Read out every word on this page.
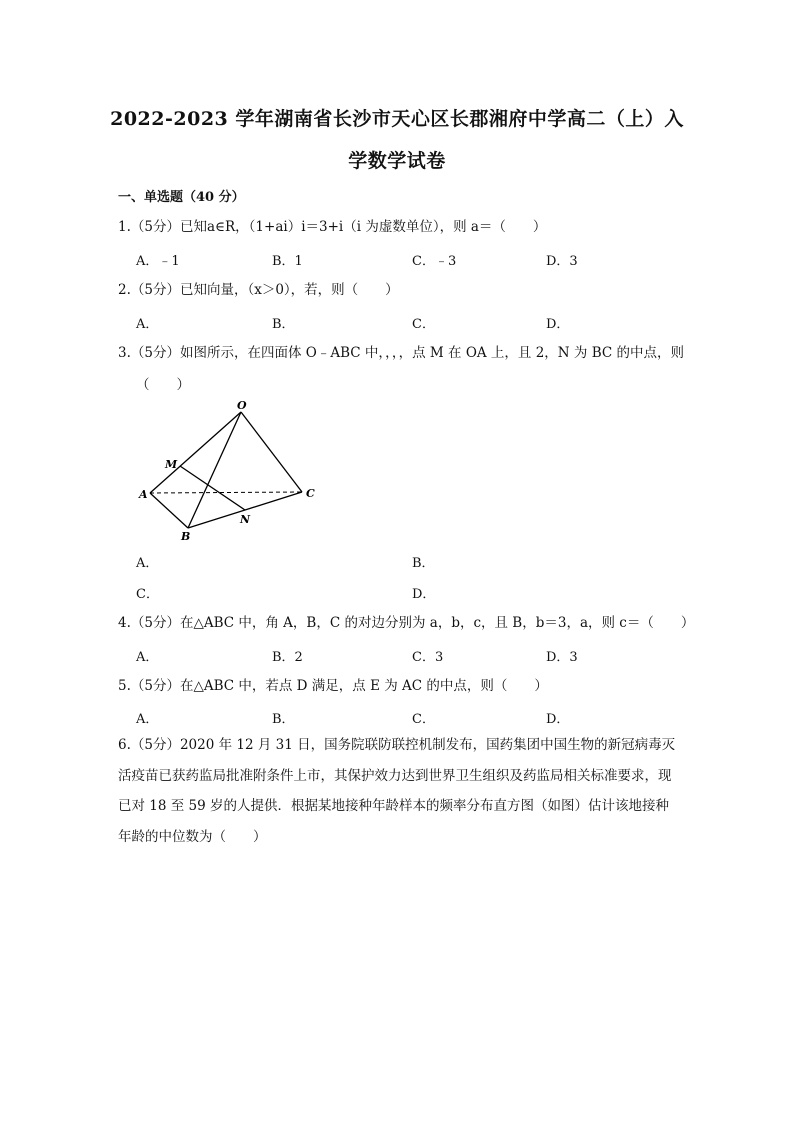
2022-2023 学年湖南省长沙市天心区长郡湘府中学高二（上）入
学数学试卷
一、单选题（40 分）
1.（5分）已知a∈R，（1+ai）i＝3+i（i 为虚数单位），则 a＝（　　）
A．﹣1	B．1	C．﹣3	D．3
2.（5分）已知向量，（x＞0），若，则（　　）
A．	B．	C．	D．
3.（5分）如图所示，在四面体 O﹣ABC 中，，，，点 M 在 OA 上，且 2，N 为 BC 的中点，则
（　　）
O
M
A
B
C
N
A．	B．
C．	D．
4.（5分）在△ABC 中，角 A，B，C 的对边分别为 a，b，c，且 B，b＝3，a，则 c＝（　　）
A．	B．2	C．3	D．3
5.（5分）在△ABC 中，若点 D 满足，点 E 为 AC 的中点，则（　　）
A．	B．	C．	D．
6.（5分）2020 年 12 月 31 日，国务院联防联控机制发布，国药集团中国生物的新冠病毒灭活疫苗已获药监局批准附条件上市，其保护效力达到世界卫生组织及药监局相关标准要求，现已对 18 至 59 岁的人提供．根据某地接种年龄样本的频率分布直方图（如图）估计该地接种年龄的中位数为（　　）
